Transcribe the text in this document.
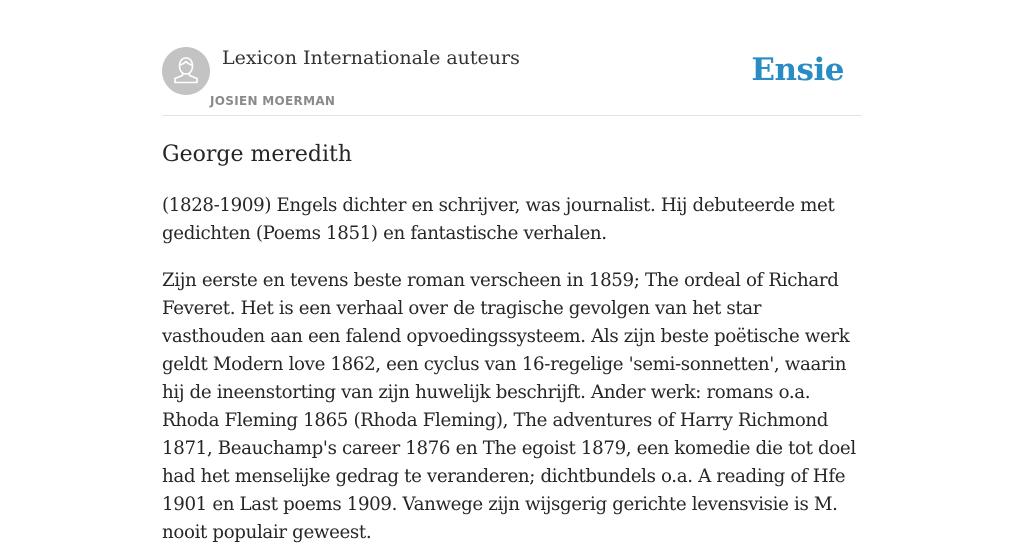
Lexicon Internationale auteurs
JOSIEN MOERMAN
Ensie
George meredith

(1828-1909) Engels dichter en schrijver, was journalist. Hij debuteerde met gedichten (Poems 1851) en fantastische verhalen.

Zijn eerste en tevens beste roman verscheen in 1859; The ordeal of Richard Feveret. Het is een verhaal over de tragische gevolgen van het star vasthouden aan een falend opvoedingssysteem. Als zijn beste poëtische werk geldt Modern love 1862, een cyclus van 16-regelige 'semi-sonnetten', waarin hij de ineenstorting van zijn huwelijk beschrijft. Ander werk: romans o.a. Rhoda Fleming 1865 (Rhoda Fleming), The adventures of Harry Richmond 1871, Beauchamp's career 1876 en The egoist 1879, een komedie die tot doel had het menselijke gedrag te veranderen; dichtbundels o.a. A reading of Hfe 1901 en Last poems 1909. Vanwege zijn wijsgerig gerichte levensvisie is M. nooit populair geweest.
